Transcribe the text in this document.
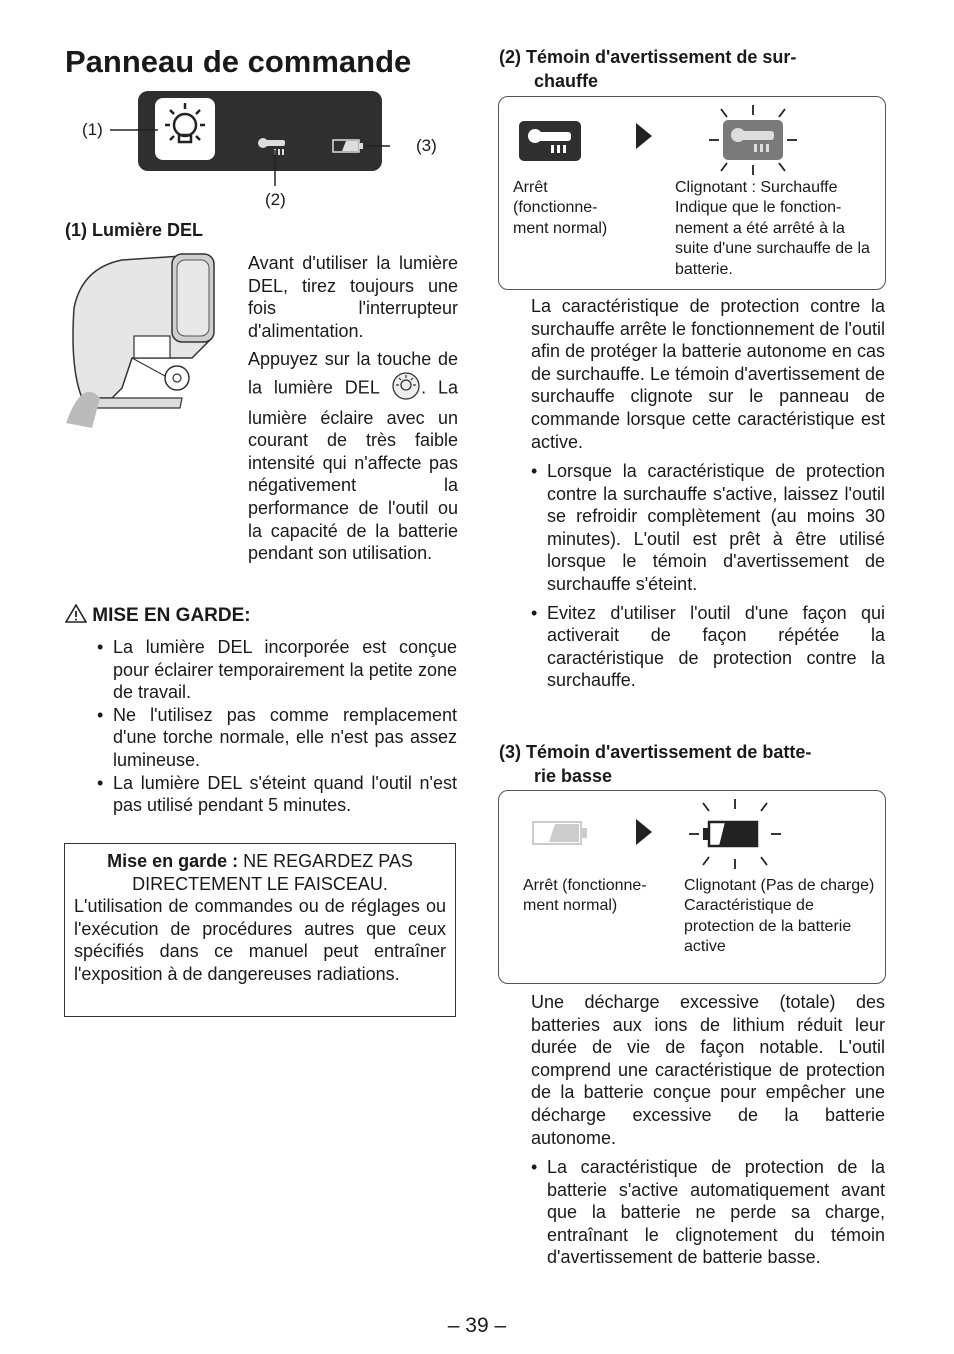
Panneau de commande
(1)
(2)
(3)
(1) Lumière DEL

Avant d'utiliser la lumière DEL, tirez toujours une fois l'interrupteur d'alimentation.

Appuyez sur la touche de la lumière DEL . La lumière éclaire avec un courant de très faible intensité qui n'affecte pas négativement la performance de l'outil ou la capacité de la batterie pendant son utilisation.

MISE EN GARDE:
• La lumière DEL incorporée est conçue pour éclairer temporairement la petite zone de travail.
• Ne l'utilisez pas comme remplacement d'une torche normale, elle n'est pas assez lumineuse.
• La lumière DEL s'éteint quand l'outil n'est pas utilisé pendant 5 minutes.
Mise en garde : NE REGARDEZ PAS DIRECTEMENT LE FAISCEAU.

L'utilisation de commandes ou de réglages ou l'exécution de procédures autres que ceux spécifiés dans ce manuel peut entraîner l'exposition à de dangereuses radiations.

(2) Témoin d'avertissement de sur-
chauffe
Arrêt (fonctionne- ment normal)
Clignotant : Surchauffe Indique que le fonction- nement a été arrêté à la suite d'une surchauffe de la batterie.

La caractéristique de protection contre la surchauffe arrête le fonctionnement de l'outil afin de protéger la batterie autonome en cas de surchauffe. Le témoin d'avertissement de surchauffe clignote sur le panneau de commande lorsque cette caractéristique est active.

• Lorsque la caractéristique de protection contre la surchauffe s'active, laissez l'outil se refroidir complètement (au moins 30 minutes). L'outil est prêt à être utilisé lorsque le témoin d'avertissement de surchauffe s'éteint.
• Evitez d'utiliser l'outil d'une façon qui activerait de façon répétée la caractéristique de protection contre la surchauffe.
(3) Témoin d'avertissement de batte-
rie basse
Arrêt (fonctionne- ment normal)
Clignotant (Pas de charge) Caractéristique de protection de la batterie active

Une décharge excessive (totale) des batteries aux ions de lithium réduit leur durée de vie de façon notable. L'outil comprend une caractéristique de protection de la batterie conçue pour empêcher une décharge excessive de la batterie autonome.

• La caractéristique de protection de la batterie s'active automatiquement avant que la batterie ne perde sa charge, entraînant le clignotement du témoin d'avertissement de batterie basse.
– 39 –
